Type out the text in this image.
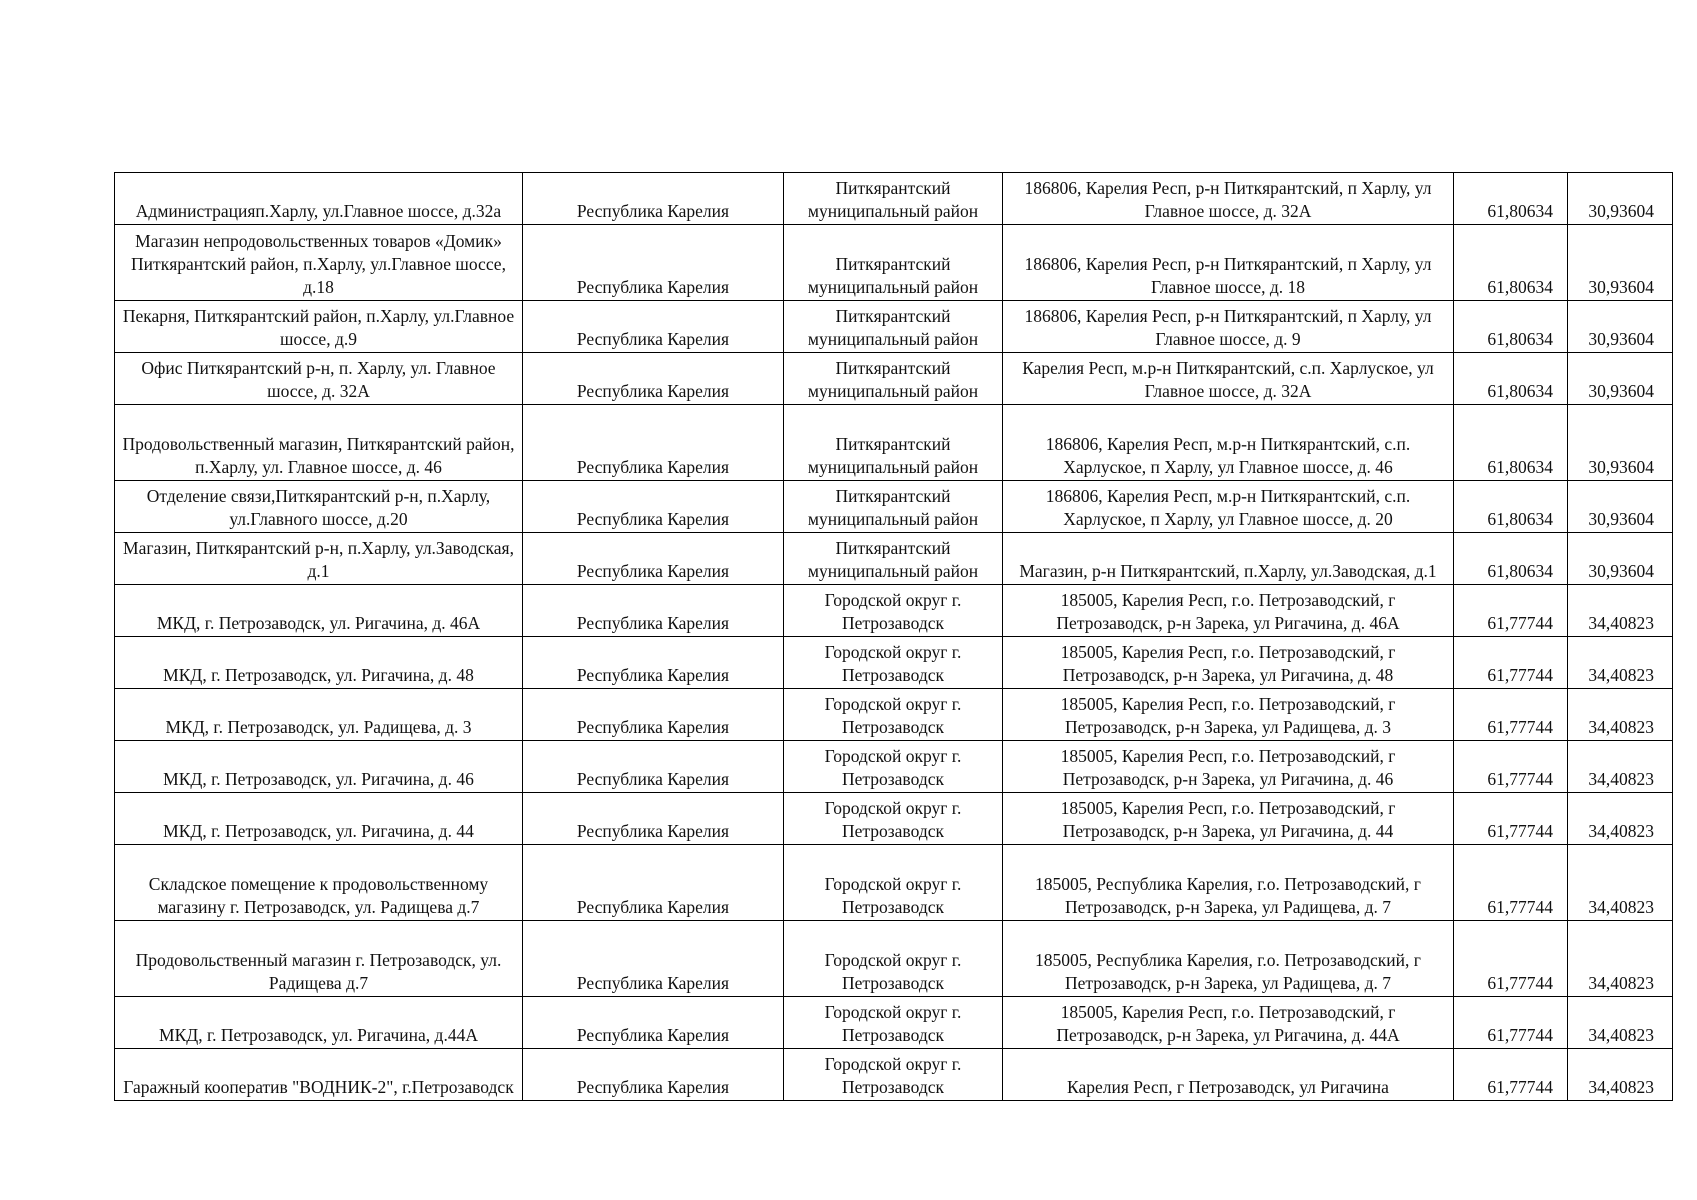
Администрацияп.Харлу, ул.Главное шоссе, д.32а	Республика Карелия	Питкярантский муниципальный район	186806, Карелия Респ, р-н Питкярантский, п Харлу, ул Главное шоссе, д. 32А	61,80634	30,93604
Магазин непродовольственных товаров «Домик» Питкярантский район, п.Харлу, ул.Главное шоссе, д.18	Республика Карелия	Питкярантский муниципальный район	186806, Карелия Респ, р-н Питкярантский, п Харлу, ул Главное шоссе, д. 18	61,80634	30,93604
Пекарня, Питкярантский район, п.Харлу, ул.Главное шоссе, д.9	Республика Карелия	Питкярантский муниципальный район	186806, Карелия Респ, р-н Питкярантский, п Харлу, ул Главное шоссе, д. 9	61,80634	30,93604
Офис Питкярантский р-н, п. Харлу, ул. Главное шоссе, д. 32А	Республика Карелия	Питкярантский муниципальный район	Карелия Респ, м.р-н Питкярантский, с.п. Харлуское, ул Главное шоссе, д. 32А	61,80634	30,93604
Продовольственный магазин, Питкярантский район, п.Харлу, ул. Главное шоссе, д. 46	Республика Карелия	Питкярантский муниципальный район	186806, Карелия Респ, м.р-н Питкярантский, с.п. Харлуское, п Харлу, ул Главное шоссе, д. 46	61,80634	30,93604
Отделение связи,Питкярантский р-н, п.Харлу, ул.Главного шоссе, д.20	Республика Карелия	Питкярантский муниципальный район	186806, Карелия Респ, м.р-н Питкярантский, с.п. Харлуское, п Харлу, ул Главное шоссе, д. 20	61,80634	30,93604
Магазин, Питкярантский р-н, п.Харлу, ул.Заводская, д.1	Республика Карелия	Питкярантский муниципальный район	Магазин, р-н Питкярантский, п.Харлу, ул.Заводская, д.1	61,80634	30,93604
МКД, г. Петрозаводск, ул. Ригачина, д. 46А	Республика Карелия	Городской округ г. Петрозаводск	185005, Карелия Респ, г.о. Петрозаводский, г Петрозаводск, р-н Зарека, ул Ригачина, д. 46А	61,77744	34,40823
МКД, г. Петрозаводск, ул. Ригачина, д. 48	Республика Карелия	Городской округ г. Петрозаводск	185005, Карелия Респ, г.о. Петрозаводский, г Петрозаводск, р-н Зарека, ул Ригачина, д. 48	61,77744	34,40823
МКД, г. Петрозаводск, ул. Радищева, д. 3	Республика Карелия	Городской округ г. Петрозаводск	185005, Карелия Респ, г.о. Петрозаводский, г Петрозаводск, р-н Зарека, ул Радищева, д. 3	61,77744	34,40823
МКД, г. Петрозаводск, ул. Ригачина, д. 46	Республика Карелия	Городской округ г. Петрозаводск	185005, Карелия Респ, г.о. Петрозаводский, г Петрозаводск, р-н Зарека, ул Ригачина, д. 46	61,77744	34,40823
МКД, г. Петрозаводск, ул. Ригачина, д. 44	Республика Карелия	Городской округ г. Петрозаводск	185005, Карелия Респ, г.о. Петрозаводский, г Петрозаводск, р-н Зарека, ул Ригачина, д. 44	61,77744	34,40823
Складское помещение к продовольственному магазину г. Петрозаводск, ул. Радищева д.7	Республика Карелия	Городской округ г. Петрозаводск	185005, Республика Карелия, г.о. Петрозаводский, г Петрозаводск, р-н Зарека, ул Радищева, д. 7	61,77744	34,40823
Продовольственный магазин г. Петрозаводск, ул. Радищева д.7	Республика Карелия	Городской округ г. Петрозаводск	185005, Республика Карелия, г.о. Петрозаводский, г Петрозаводск, р-н Зарека, ул Радищева, д. 7	61,77744	34,40823
МКД, г. Петрозаводск, ул. Ригачина, д.44А	Республика Карелия	Городской округ г. Петрозаводск	185005, Карелия Респ, г.о. Петрозаводский, г Петрозаводск, р-н Зарека, ул Ригачина, д. 44А	61,77744	34,40823
Гаражный кооператив "ВОДНИК-2", г.Петрозаводск	Республика Карелия	Городской округ г. Петрозаводск	Карелия Респ, г Петрозаводск, ул Ригачина	61,77744	34,40823
